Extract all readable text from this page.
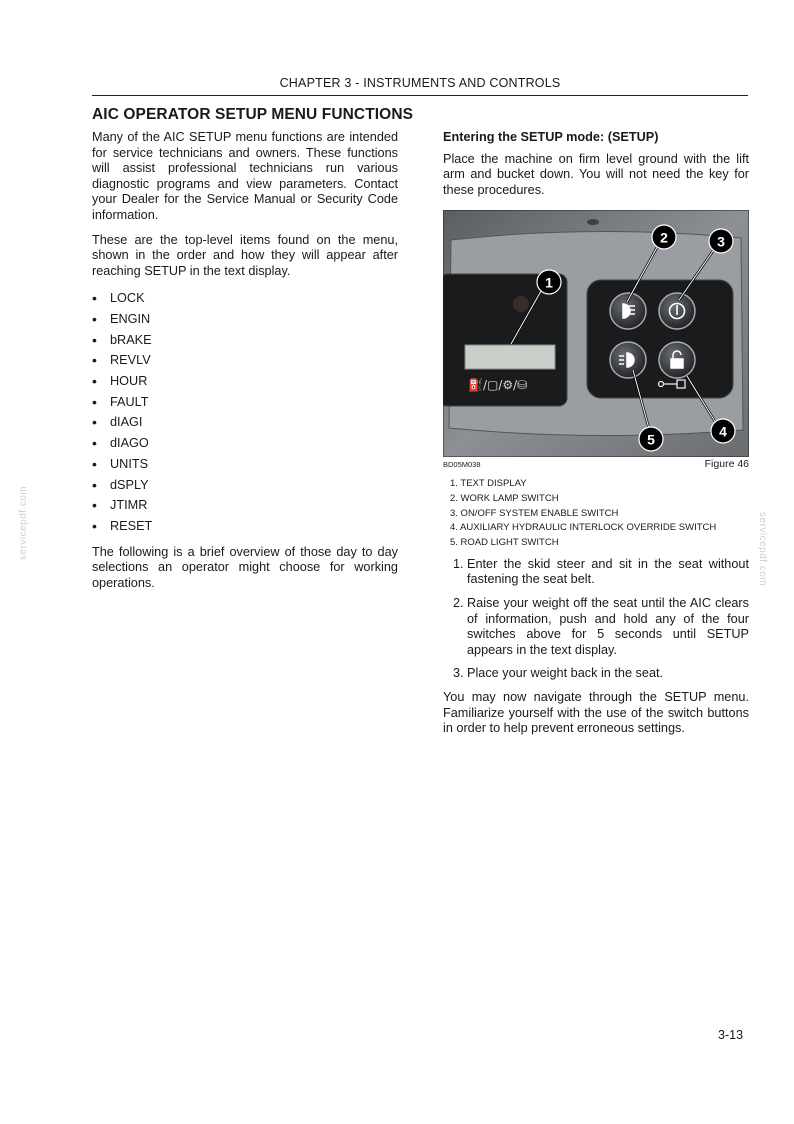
CHAPTER 3 - INSTRUMENTS AND CONTROLS
AIC OPERATOR SETUP MENU FUNCTIONS

Many of the AIC SETUP menu functions are intended for service technicians and owners. These functions will assist professional technicians run various diagnostic programs and view parameters. Contact your Dealer for the Service Manual or Security Code information.

These are the top-level items found on the menu, shown in the order and how they will appear after reaching SETUP in the text display.

• LOCK
• ENGIN
• bRAKE
• REVLV
• HOUR
• FAULT
• dIAGI
• dIAGO
• UNITS
• dSPLY
• JTIMR
• RESET

The following is a brief overview of those day to day selections an operator might choose for working operations.

Entering the SETUP mode: (SETUP)

Place the machine on firm level ground with the lift arm and bucket down. You will not need the key for these procedures.

⛽/▢/⚙/⛁
1
2	3
4
5
BD05M038	Figure 46
1. TEXT DISPLAY
2. WORK LAMP SWITCH
3. ON/OFF SYSTEM ENABLE SWITCH
4. AUXILIARY HYDRAULIC INTERLOCK OVERRIDE SWITCH
5. ROAD LIGHT SWITCH
1. Enter the skid steer and sit in the seat without fastening the seat belt.
2. Raise your weight off the seat until the AIC clears of information, push and hold any of the four switches above for 5 seconds until SETUP appears in the text display.
3. Place your weight back in the seat.

You may now navigate through the SETUP menu. Familiarize yourself with the use of the switch buttons in order to help prevent erroneous settings.

3-13
servicepdf.com	servicepdf.com
